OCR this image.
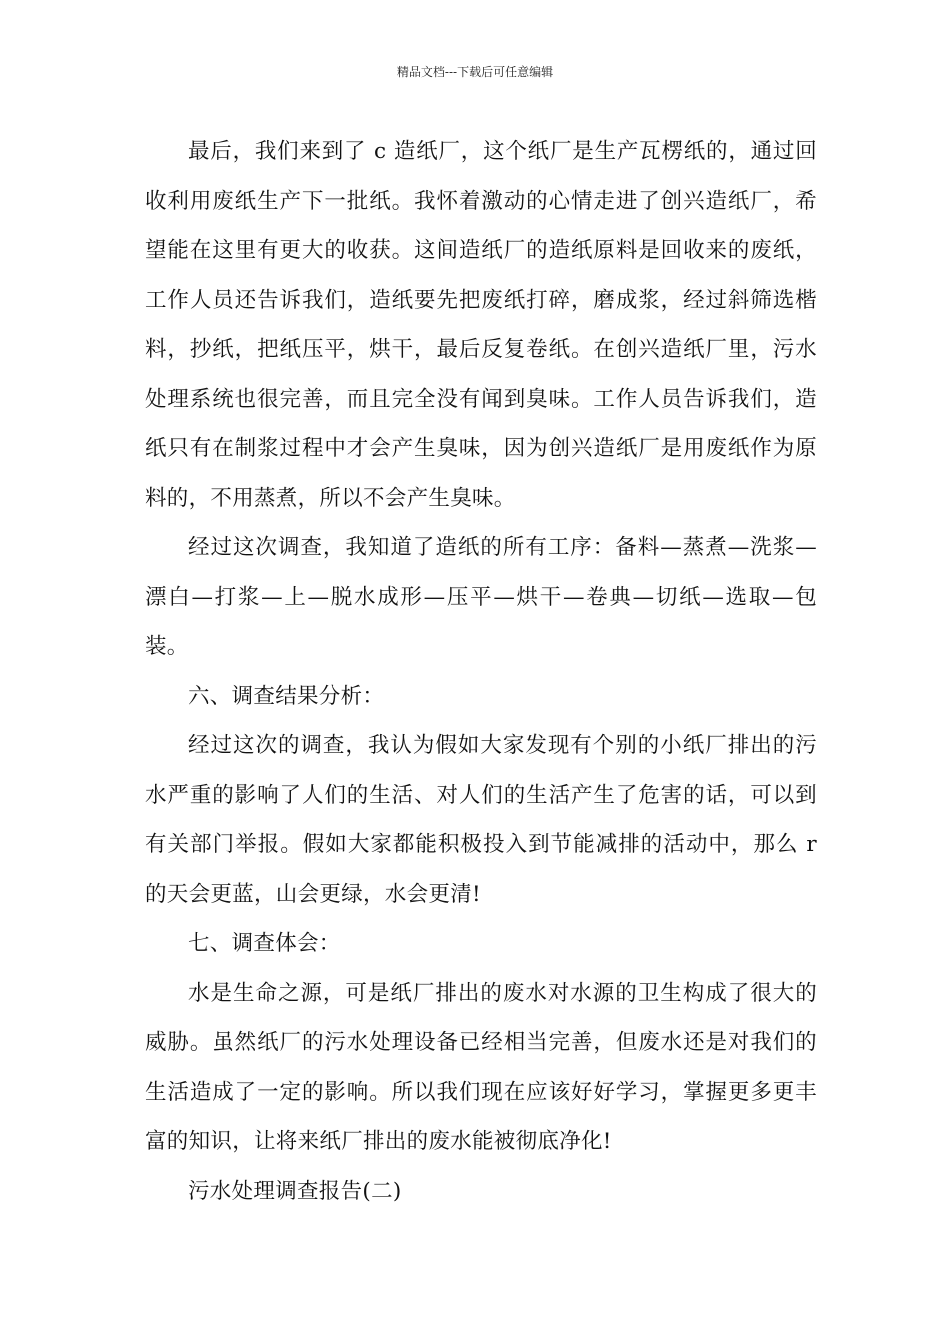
精品文档---下载后可任意编辑

最后，我们来到了 c 造纸厂，这个纸厂是生产瓦楞纸的，通过回收利用废纸生产下一批纸。我怀着激动的心情走进了创兴造纸厂，希望能在这里有更大的收获。这间造纸厂的造纸原料是回收来的废纸，工作人员还告诉我们，造纸要先把废纸打碎，磨成浆，经过斜筛选楷料，抄纸，把纸压平，烘干，最后反复卷纸。在创兴造纸厂里，污水处理系统也很完善，而且完全没有闻到臭味。工作人员告诉我们，造纸只有在制浆过程中才会产生臭味，因为创兴造纸厂是用废纸作为原料的，不用蒸煮，所以不会产生臭味。

经过这次调查，我知道了造纸的所有工序：备料—蒸煮—洗浆—漂白—打浆—上—脱水成形—压平—烘干—卷典—切纸—选取—包装。

六、调查结果分析：

经过这次的调查，我认为假如大家发现有个别的小纸厂排出的污水严重的影响了人们的生活、对人们的生活产生了危害的话，可以到有关部门举报。假如大家都能积极投入到节能减排的活动中，那么 r 的天会更蓝，山会更绿，水会更清!

七、调查体会：

水是生命之源，可是纸厂排出的废水对水源的卫生构成了很大的威胁。虽然纸厂的污水处理设备已经相当完善，但废水还是对我们的生活造成了一定的影响。所以我们现在应该好好学习，掌握更多更丰富的知识，让将来纸厂排出的废水能被彻底净化!

污水处理调查报告(二)
